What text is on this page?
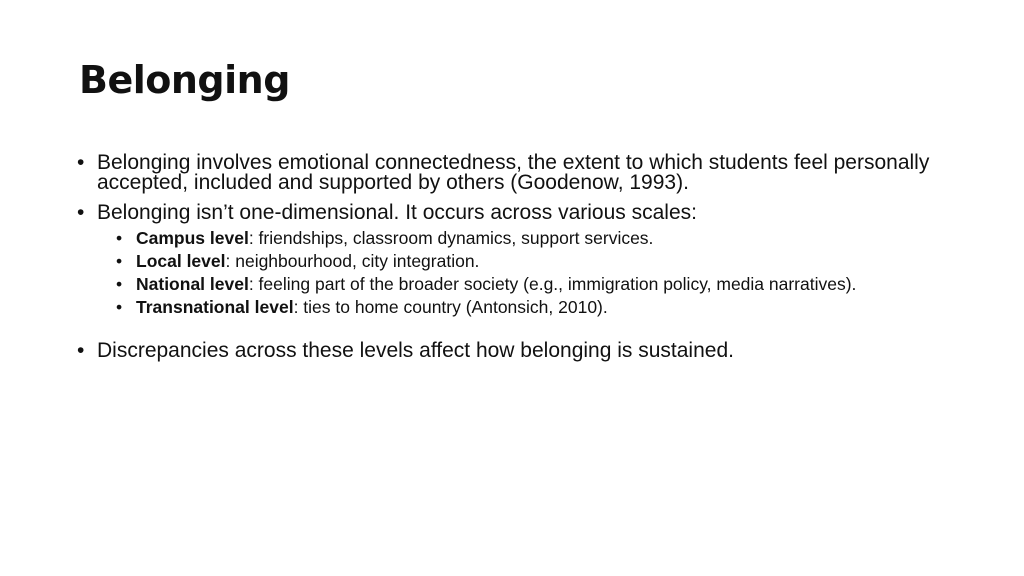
Belonging
• Belonging involves emotional connectedness, the extent to which students feel personally accepted, included and supported by others (Goodenow, 1993).
• Belonging isn’t one-dimensional. It occurs across various scales:
• Campus level: friendships, classroom dynamics, support services.
• Local level: neighbourhood, city integration.
• National level: feeling part of the broader society (e.g., immigration policy, media narratives).
• Transnational level: ties to home country (Antonsich, 2010).
• Discrepancies across these levels affect how belonging is sustained.
